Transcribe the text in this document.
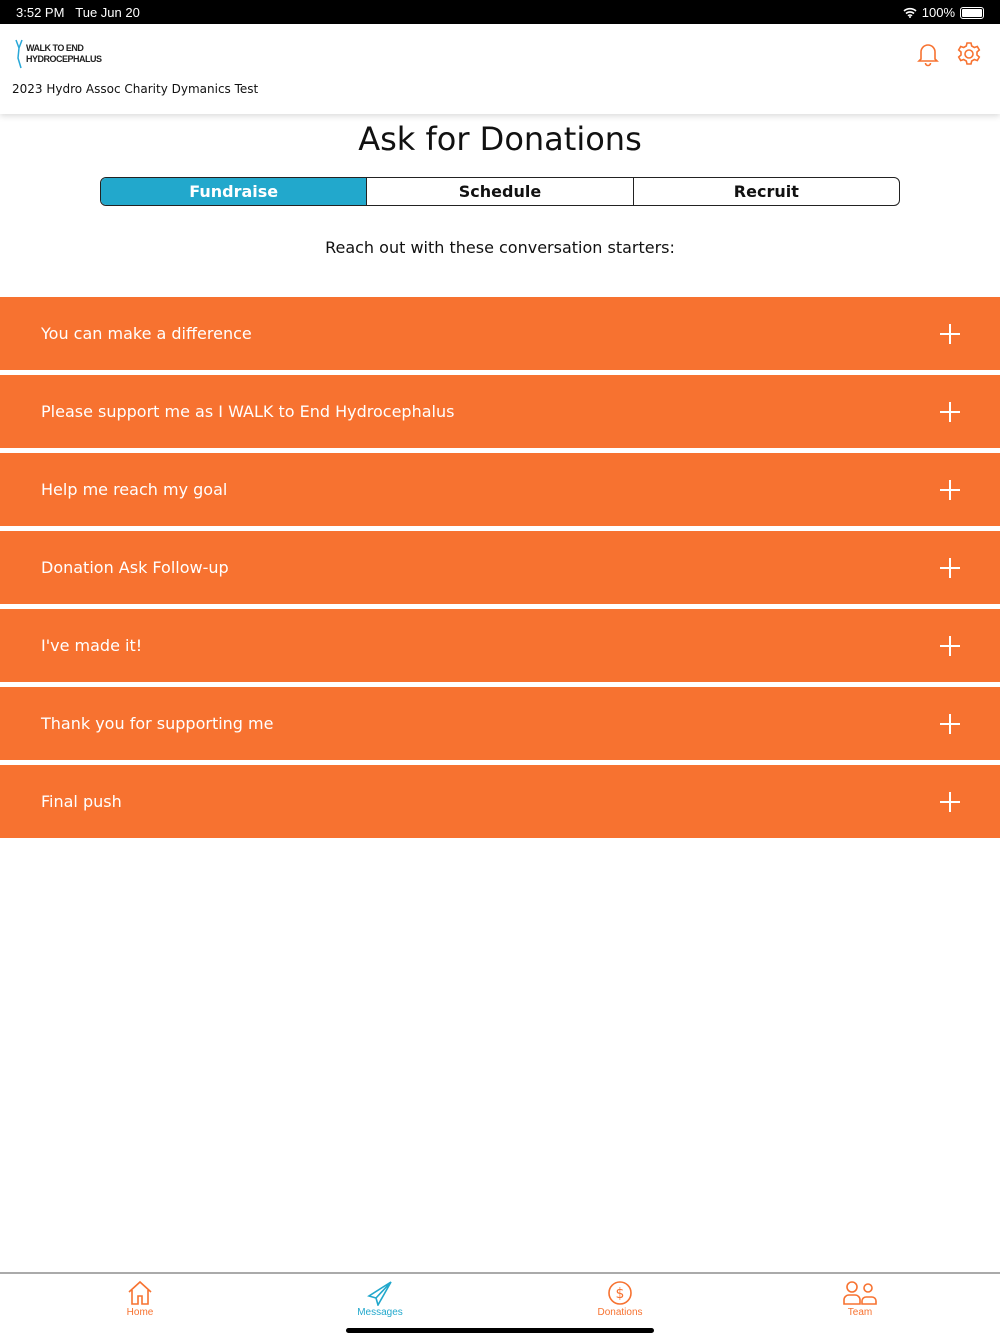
3:52 PM Tue Jun 20	100%
WALK TO END
HYDROCEPHALUS
2023 Hydro Assoc Charity Dymanics Test
Ask for Donations
Fundraise	Schedule	Recruit
Reach out with these conversation starters:
You can make a difference
Please support me as I WALK to End Hydrocephalus
Help me reach my goal
Donation Ask Follow-up
I've made it!
Thank you for supporting me
Final push
Home	Messages
$
Donations	Team
